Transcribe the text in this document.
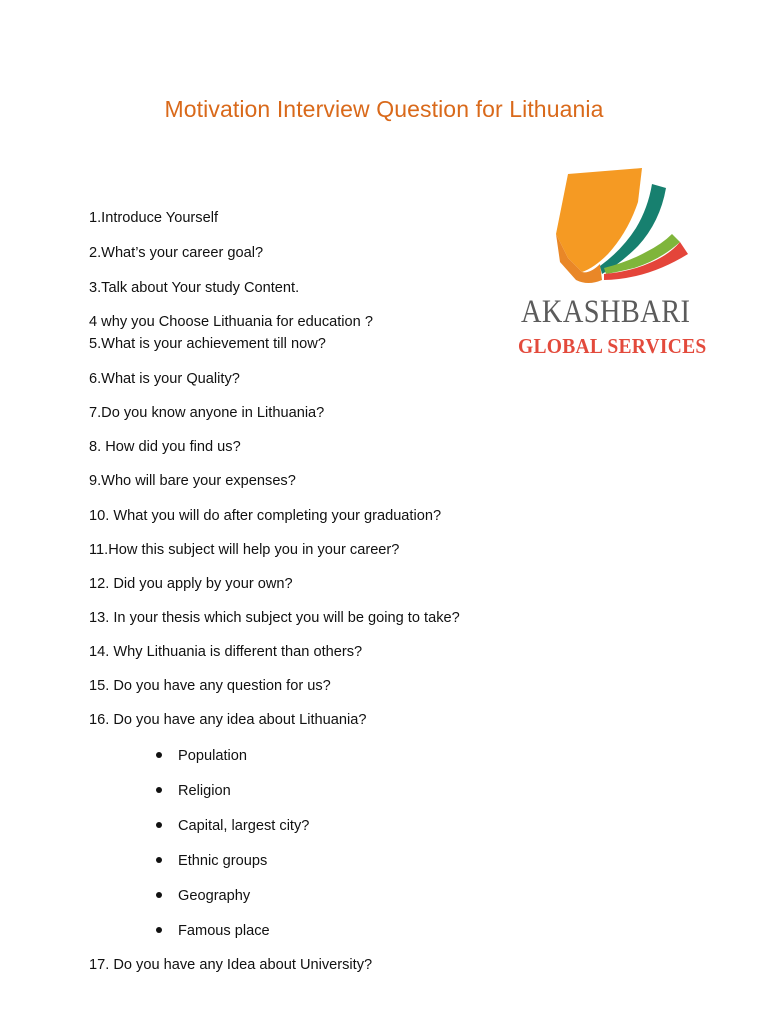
Motivation Interview Question for Lithuania
AKASHBARI
GLOBAL SERVICES
1.Introduce Yourself
2.What’s your career goal?
3.Talk about Your study Content.
4 why you Choose Lithuania for education ?
5.What is your achievement till now?
6.What is your Quality?
7.Do you know anyone in Lithuania?
8. How did you find us?
9.Who will bare your expenses?
10. What you will do after completing your graduation?
11.How this subject will help you in your career?
12. Did you apply by your own?
13. In your thesis which subject you will be going to take?
14. Why Lithuania is different than others?
15. Do you have any question for us?
16. Do you have any idea about Lithuania?
Population
Religion
Capital, largest city?
Ethnic groups
Geography
Famous place
17. Do you have any Idea about University?
